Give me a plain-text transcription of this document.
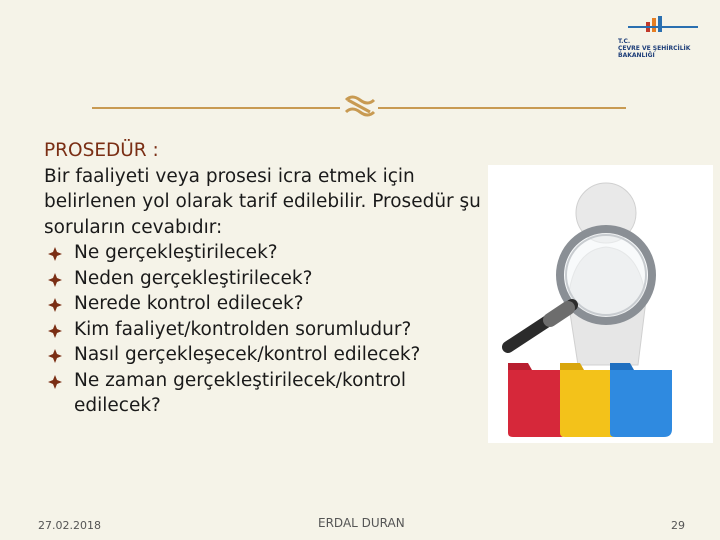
T.C.
ÇEVRE VE ŞEHİRCİLİK
BAKANLIĞI
PROSEDÜR :
Bir faaliyeti veya prosesi icra etmek için belirlenen yol olarak tarif edilebilir. Prosedür şu soruların cevabıdır:
Ne gerçekleştirilecek?
Neden gerçekleştirilecek?
Nerede kontrol edilecek?
Kim faaliyet/kontrolden sorumludur?
Nasıl gerçekleşecek/kontrol edilecek?
Ne zaman gerçekleştirilecek/kontrol edilecek?
27.02.2018	ERDAL DURAN	29
